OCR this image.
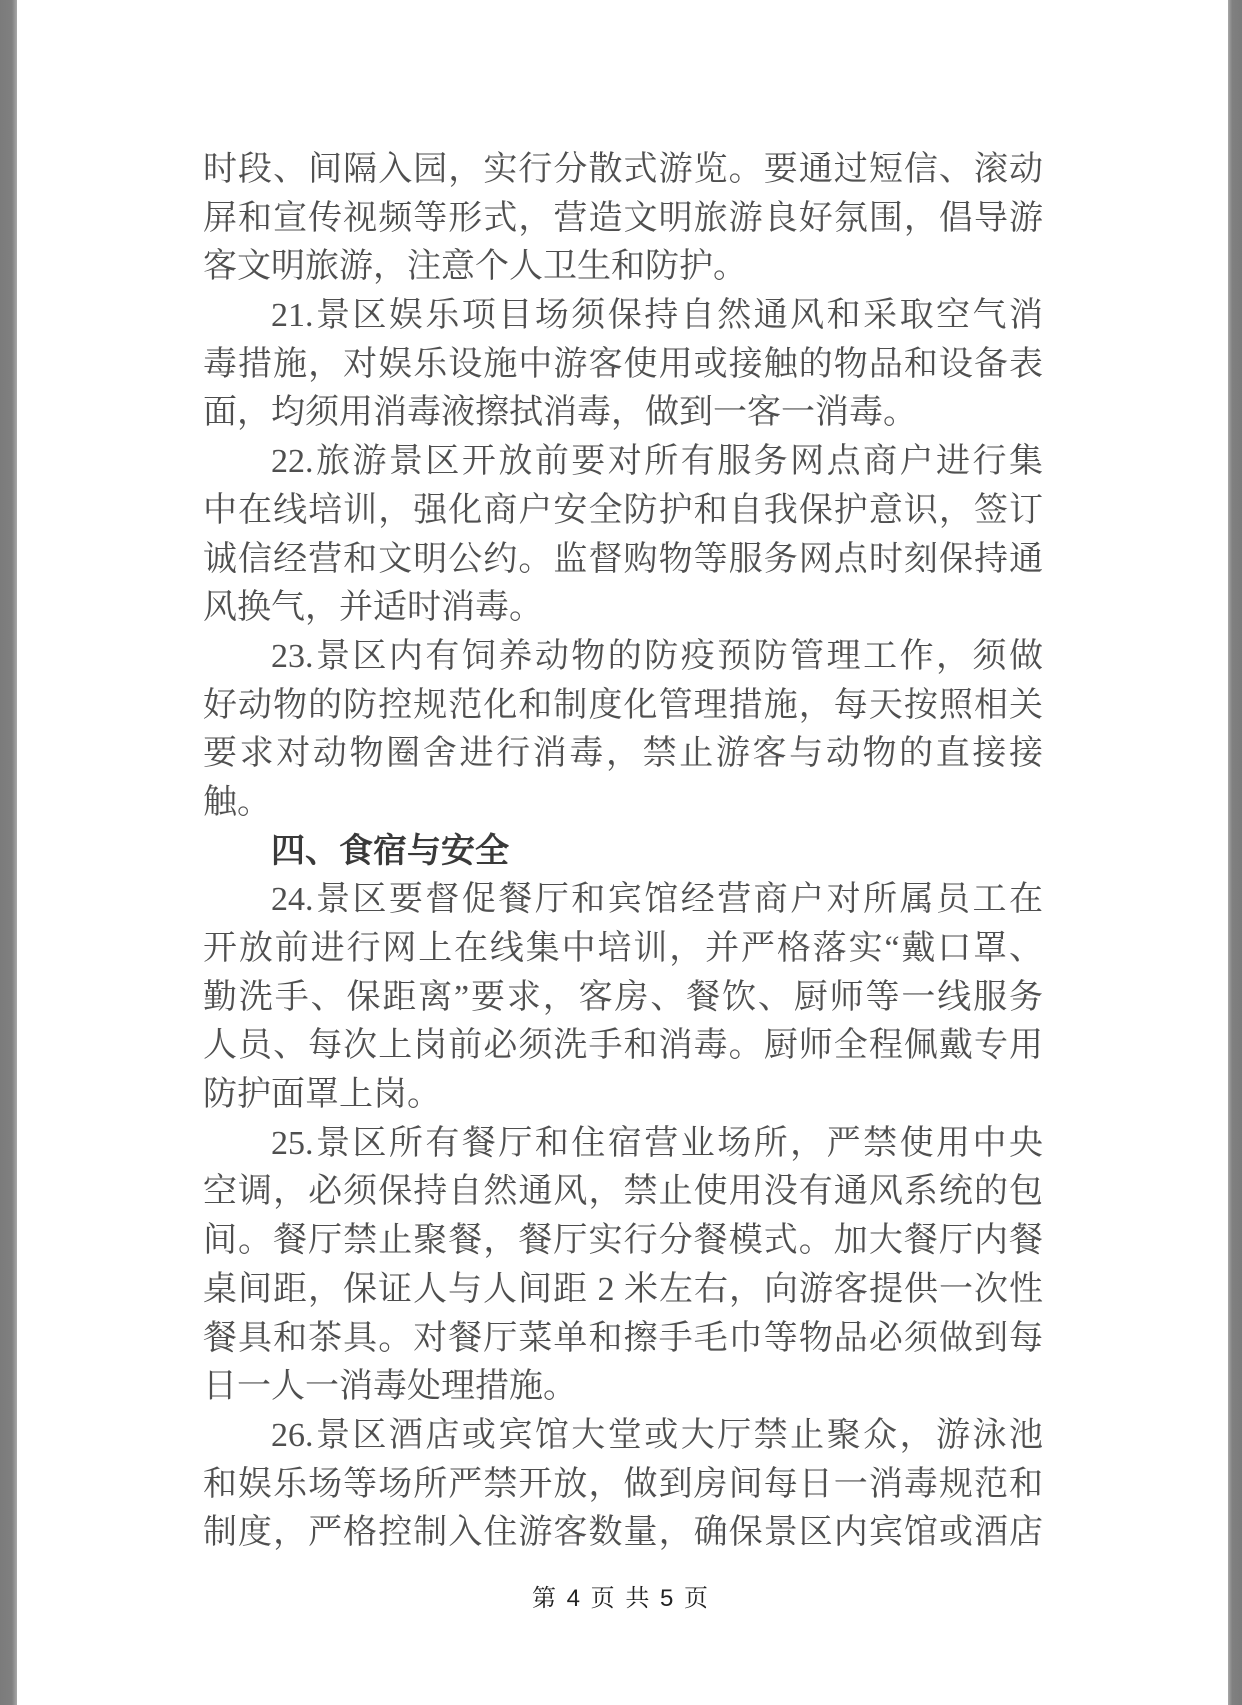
时段、间隔入园，实行分散式游览。要通过短信、滚动
屏和宣传视频等形式，营造文明旅游良好氛围，倡导游
客文明旅游，注意个人卫生和防护。
21.景区娱乐项目场须保持自然通风和采取空气消
毒措施，对娱乐设施中游客使用或接触的物品和设备表
面，均须用消毒液擦拭消毒，做到一客一消毒。
22.旅游景区开放前要对所有服务网点商户进行集
中在线培训，强化商户安全防护和自我保护意识，签订
诚信经营和文明公约。监督购物等服务网点时刻保持通
风换气，并适时消毒。
23.景区内有饲养动物的防疫预防管理工作，须做
好动物的防控规范化和制度化管理措施，每天按照相关
要求对动物圈舍进行消毒，禁止游客与动物的直接接
触。
四、食宿与安全
24.景区要督促餐厅和宾馆经营商户对所属员工在
开放前进行网上在线集中培训，并严格落实“戴口罩、
勤洗手、保距离”要求，客房、餐饮、厨师等一线服务
人员、每次上岗前必须洗手和消毒。厨师全程佩戴专用
防护面罩上岗。
25.景区所有餐厅和住宿营业场所，严禁使用中央
空调，必须保持自然通风，禁止使用没有通风系统的包
间。餐厅禁止聚餐，餐厅实行分餐模式。加大餐厅内餐
桌间距，保证人与人间距 2 米左右，向游客提供一次性
餐具和茶具。对餐厅菜单和擦手毛巾等物品必须做到每
日一人一消毒处理措施。
26.景区酒店或宾馆大堂或大厅禁止聚众，游泳池
和娱乐场等场所严禁开放，做到房间每日一消毒规范和
制度，严格控制入住游客数量，确保景区内宾馆或酒店
第 4 页 共 5 页
